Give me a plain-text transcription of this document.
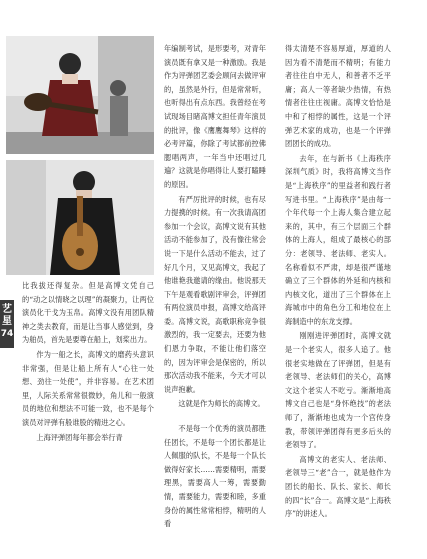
艺星
74

比我拔还得复杂。但是高博文凭自己的“动之以情晓之以理”的凝聚力，让两位演员化干戈为玉帛。高博文没有用团队精神之类去教育，而是让当事人感觉到，身为舶员，首先是要尊在船上，划桨出力。

作为一船之长，高博文的磨药头意识非常强，但是让船上所有人“心往一处想、劲往一处使”，并非容易。在艺术团里，人际关系常常很微妙，角儿和一般演员的地位和想法不可能一致，也不是每个演员对评弹有般谁股的精进之心。

上海评弹团每年都会举行青

年编制考试，是形要考，对青年演员既有拿又是一种激励。我是作为评弹团艺委会顾问去做评审的，虽然是外行，但是常常听，也听得出有点东西。我曾经在考试现场目睹高博文担任青年演员的批评，像《鹰鹰舞琴》这样的必考评篇，你除了考试都前控佛腮唱两声，一年当中还唱过几遍？这就是你唱得让人要打瞌睡的原因。

有严厉批评的时候，也有尽力提携的时候。有一次我请高团参加一个会议，高博文说有其他活动不能参加了，没有像往常会说一下是什么活动不能去，过了好几个月，又见高博文，我起了他谁艳我邀请的缘由。他说那天下午是观看歌剧评审会，评弹团有两位演员申报，高博文给高评委。高博文说，高歌职称竞争很激烈的，我一定要去，还要为他们恩力争取，不能让他们落空的，因为评审会是保密的，所以那次活动我不能来，今天才可以说声抱歉。

这就是作为师长的高博文。

不是每一个优秀的演员都胜任团长，不是每一个团长都是让人佩服的队长，不是每一个队长做得好家长……需要精明，需要理黑，需要高人一筹，需要勤情，需要能力，需要和睦，多重身份的属性常常相悖，精明的人看

得太清楚不容易厚道，厚道的人因为看不清楚而不精明；有能力者往往自中无人，和善者不乏平庸；高人一等者缺少热情，有热情者往往庄视庸。高博文恰恰是中和了相悖的属性，这是一个评弹艺术家的成功，也是一个评弹团团长的成功。

去年，在与新书《上海秩序深圳气质》时，我将高博文当作是“上海秩序”的里益者和践行者写进书里。“上海秩序”是由每一个年代每一个上海人集合建立起来的，其中，有三个层面三个群体的上海人，组成了最核心的部分：老领导、老法师、老实人。名称看似不严肃，却是很严谨地确立了三个群体的外延和内核和内核文化，道出了三个群体在上海城市中的角色分工和地位在上海制造中的东龙支撑。

刚刚进评弹团时，高博文就是一个老实人，很多人追了。他很老实地做在了评弹团，但是有老领导、老法师们的关心，高博文这个老实人不吃亏。渐渐地高博文自己也是“身怀绝技”的老法师了，渐渐地也成为一个宫传身教，带领评弹团得有更多后头的老领导了。

高博文的老实人、老法师、老领导三“老”合一，就是他作为团长的船长、队长、家长、师长的四“长”合一。高博文是“上海秩序”的讲述人。
